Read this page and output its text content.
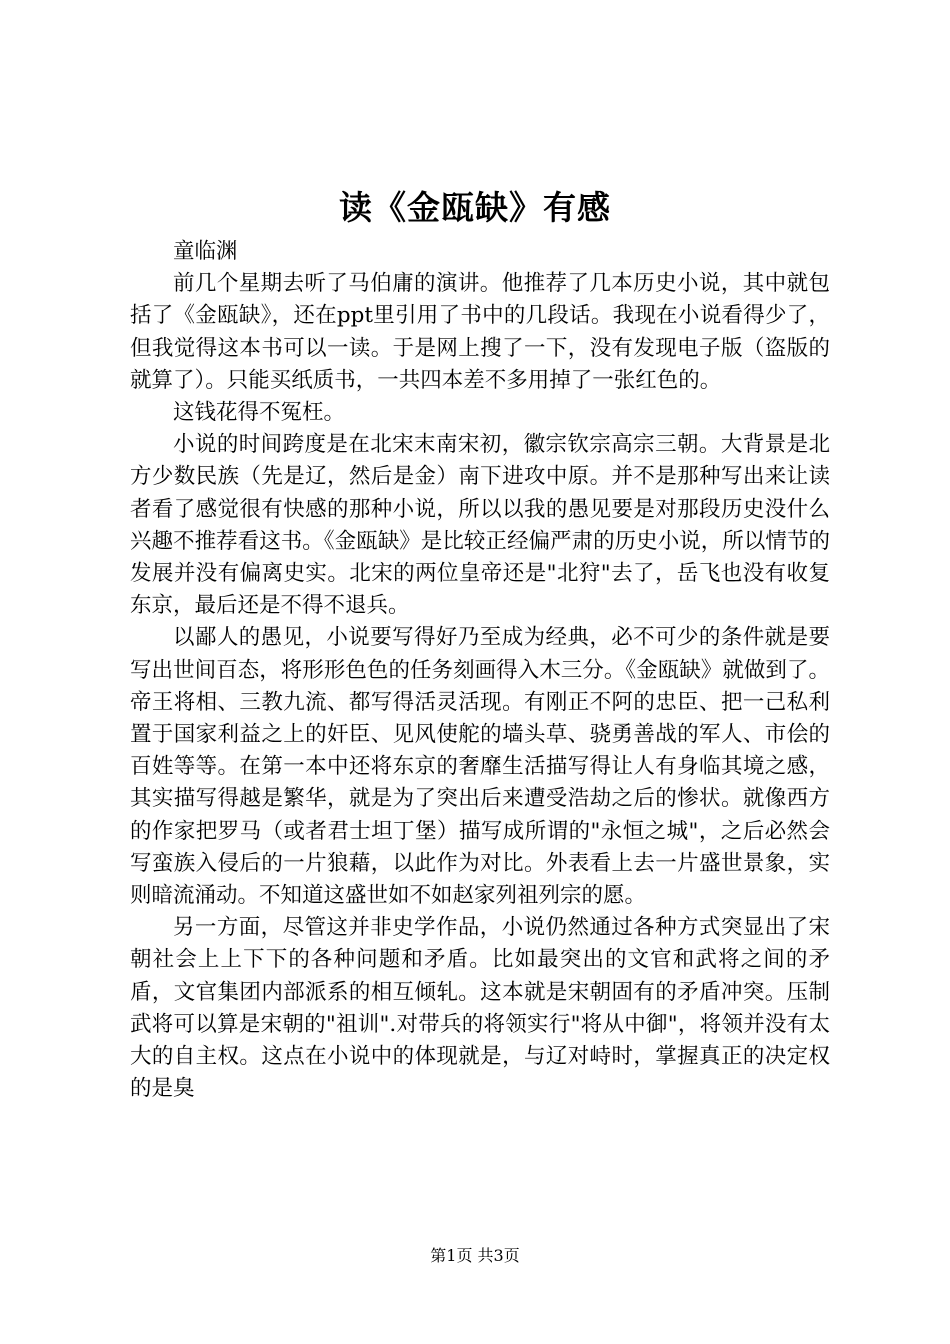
读《金瓯缺》有感

童临渊

前几个星期去听了马伯庸的演讲。他推荐了几本历史小说，其中就包括了《金瓯缺》，还在ppt里引用了书中的几段话。我现在小说看得少了，但我觉得这本书可以一读。于是网上搜了一下，没有发现电子版（盗版的就算了）。只能买纸质书，一共四本差不多用掉了一张红色的。

这钱花得不冤枉。

小说的时间跨度是在北宋末南宋初，徽宗钦宗高宗三朝。大背景是北方少数民族（先是辽，然后是金）南下进攻中原。并不是那种写出来让读者看了感觉很有快感的那种小说，所以以我的愚见要是对那段历史没什么兴趣不推荐看这书。《金瓯缺》是比较正经偏严肃的历史小说，所以情节的发展并没有偏离史实。北宋的两位皇帝还是"北狩"去了，岳飞也没有收复东京，最后还是不得不退兵。

以鄙人的愚见，小说要写得好乃至成为经典，必不可少的条件就是要写出世间百态，将形形色色的任务刻画得入木三分。《金瓯缺》就做到了。帝王将相、三教九流、都写得活灵活现。有刚正不阿的忠臣、把一己私利置于国家利益之上的奸臣、见风使舵的墙头草、骁勇善战的军人、市侩的百姓等等。在第一本中还将东京的奢靡生活描写得让人有身临其境之感，其实描写得越是繁华，就是为了突出后来遭受浩劫之后的惨状。就像西方的作家把罗马（或者君士坦丁堡）描写成所谓的"永恒之城"，之后必然会写蛮族入侵后的一片狼藉，以此作为对比。外表看上去一片盛世景象，实则暗流涌动。不知道这盛世如不如赵家列祖列宗的愿。

另一方面，尽管这并非史学作品，小说仍然通过各种方式突显出了宋朝社会上上下下的各种问题和矛盾。比如最突出的文官和武将之间的矛盾，文官集团内部派系的相互倾轧。这本就是宋朝固有的矛盾冲突。压制武将可以算是宋朝的"祖训".对带兵的将领实行"将从中御"，将领并没有太大的自主权。这点在小说中的体现就是，与辽对峙时，掌握真正的决定权的是臭

第1页 共3页
